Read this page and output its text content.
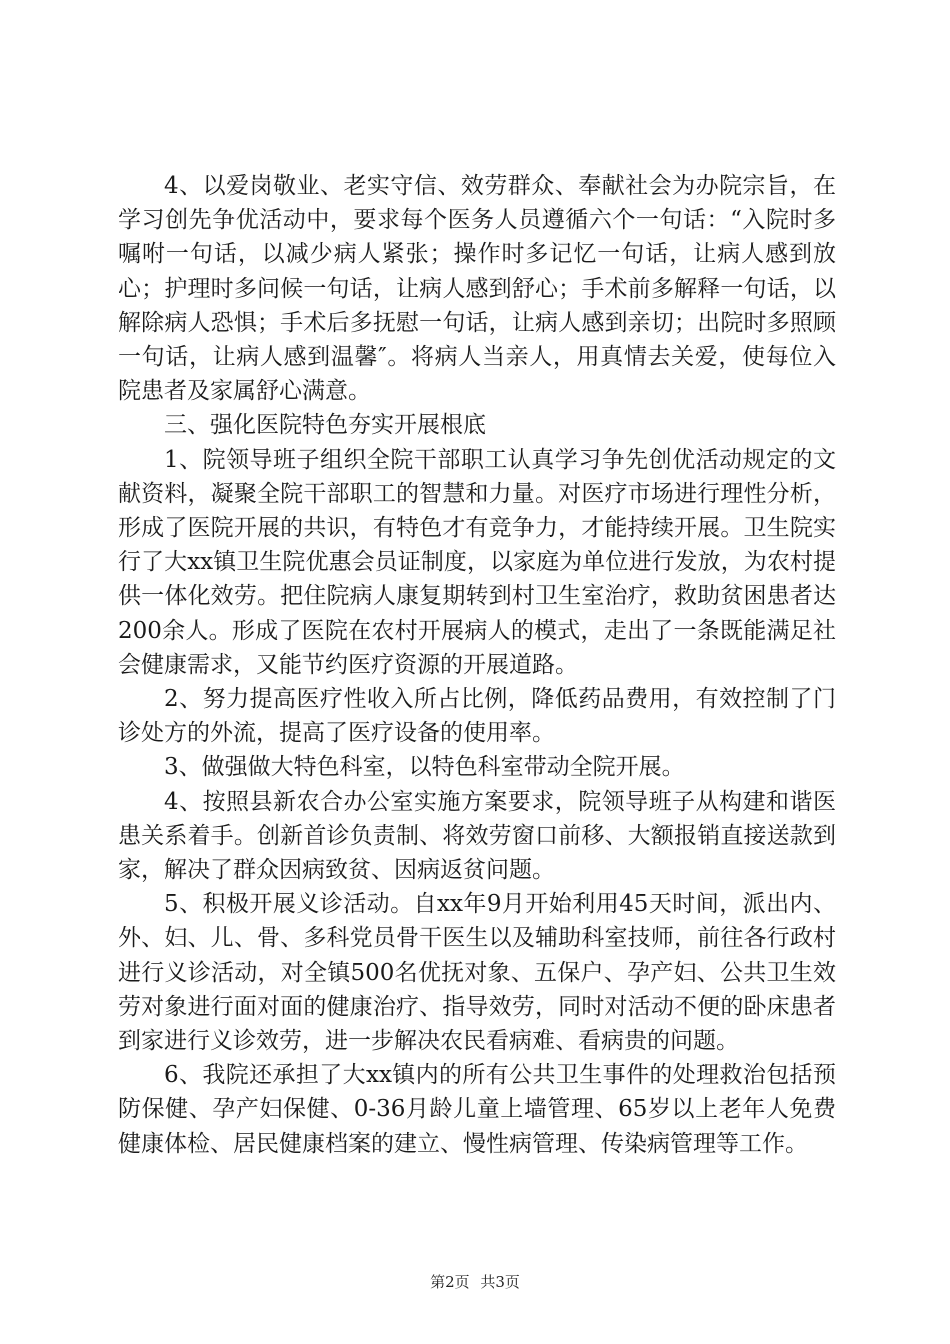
4、以爱岗敬业、老实守信、效劳群众、奉献社会为办院宗旨，在学习创先争优活动中，要求每个医务人员遵循六个一句话：“入院时多嘱咐一句话，以减少病人紧张；操作时多记忆一句话，让病人感到放心；护理时多问候一句话，让病人感到舒心；手术前多解释一句话，以解除病人恐惧；手术后多抚慰一句话，让病人感到亲切；出院时多照顾一句话，让病人感到温馨″。将病人当亲人，用真情去关爱，使每位入院患者及家属舒心满意。

三、强化医院特色夯实开展根底

1、院领导班子组织全院干部职工认真学习争先创优活动规定的文献资料，凝聚全院干部职工的智慧和力量。对医疗市场进行理性分析，形成了医院开展的共识，有特色才有竞争力，才能持续开展。卫生院实行了大xx镇卫生院优惠会员证制度，以家庭为单位进行发放，为农村提供一体化效劳。把住院病人康复期转到村卫生室治疗，救助贫困患者达200余人。形成了医院在农村开展病人的模式，走出了一条既能满足社会健康需求，又能节约医疗资源的开展道路。

2、努力提高医疗性收入所占比例，降低药品费用，有效控制了门诊处方的外流，提高了医疗设备的使用率。

3、做强做大特色科室，以特色科室带动全院开展。

4、按照县新农合办公室实施方案要求，院领导班子从构建和谐医患关系着手。创新首诊负责制、将效劳窗口前移、大额报销直接送款到家，解决了群众因病致贫、因病返贫问题。

5、积极开展义诊活动。自xx年9月开始利用45天时间，派出内、外、妇、儿、骨、多科党员骨干医生以及辅助科室技师，前往各行政村进行义诊活动，对全镇500名优抚对象、五保户、孕产妇、公共卫生效劳对象进行面对面的健康治疗、指导效劳，同时对活动不便的卧床患者到家进行义诊效劳，进一步解决农民看病难、看病贵的问题。

6、我院还承担了大xx镇内的所有公共卫生事件的处理救治包括预防保健、孕产妇保健、0-36月龄儿童上墙管理、65岁以上老年人免费健康体检、居民健康档案的建立、慢性病管理、传染病管理等工作。

第2页 共3页
